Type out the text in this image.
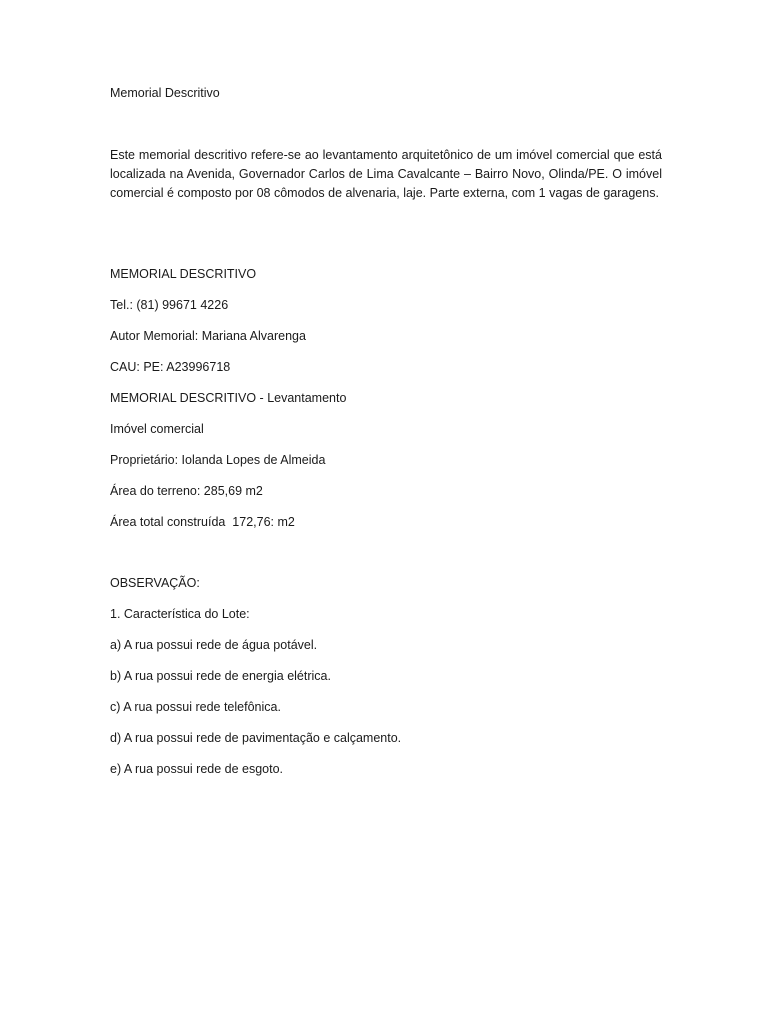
Memorial Descritivo

Este memorial descritivo refere-se ao levantamento arquitetônico de um imóvel comercial que está localizada na Avenida, Governador Carlos de Lima Cavalcante – Bairro Novo, Olinda/PE. O imóvel comercial é composto por 08 cômodos de alvenaria, laje. Parte externa, com 1 vagas de garagens.

MEMORIAL DESCRITIVO
Tel.: (81) 99671 4226
Autor Memorial: Mariana Alvarenga
CAU: PE: A23996718
MEMORIAL DESCRITIVO - Levantamento
Imóvel comercial
Proprietário: Iolanda Lopes de Almeida
Área do terreno: 285,69 m2
Área total construída  172,76: m2
OBSERVAÇÃO:
1. Característica do Lote:
a) A rua possui rede de água potável.
b) A rua possui rede de energia elétrica.
c) A rua possui rede telefônica.
d) A rua possui rede de pavimentação e calçamento.
e) A rua possui rede de esgoto.
